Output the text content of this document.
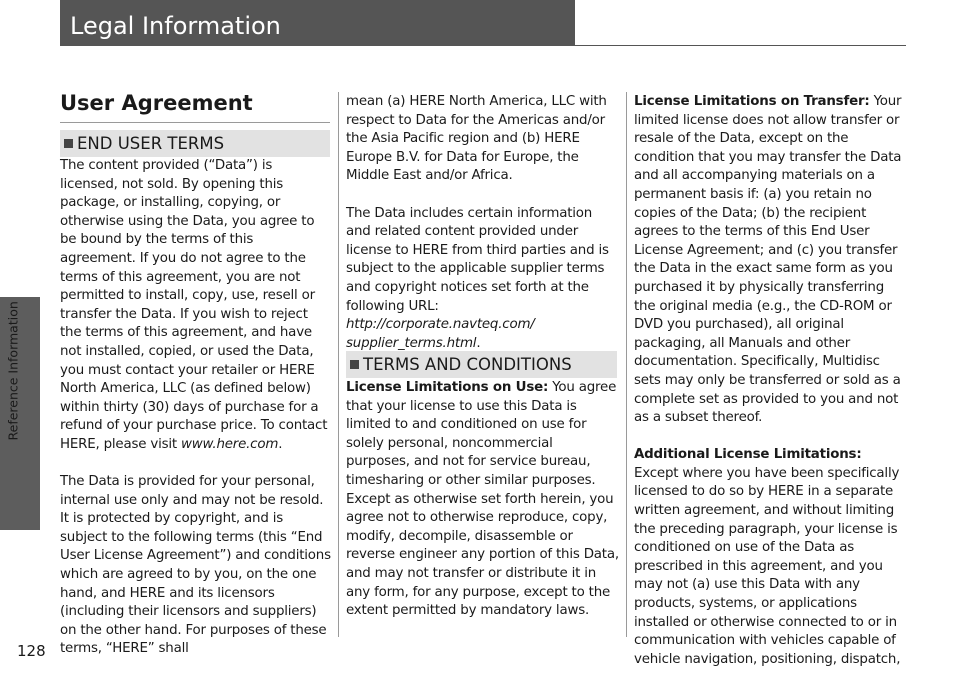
Reference Information
128
Legal Information
User Agreement
END USER TERMS

The content provided (“Data”) is licensed, not sold. By opening this package, or installing, copying, or otherwise using the Data, you agree to be bound by the terms of this agreement. If you do not agree to the terms of this agreement, you are not permitted to install, copy, use, resell or transfer the Data. If you wish to reject the terms of this agreement, and have not installed, copied, or used the Data, you must contact your retailer or HERE North America, LLC (as defined below) within thirty (30) days of purchase for a refund of your purchase price. To contact HERE, please visit www.here.com.

The Data is provided for your personal, internal use only and may not be resold. It is protected by copyright, and is subject to the following terms (this “End User License Agreement”) and conditions which are agreed to by you, on the one hand, and HERE and its licensors (including their licensors and suppliers) on the other hand. For purposes of these terms, “HERE” shall

mean (a) HERE North America, LLC with respect to Data for the Americas and/or the Asia Pacific region and (b) HERE Europe B.V. for Data for Europe, the Middle East and/or Africa.

The Data includes certain information and related content provided under license to HERE from third parties and is subject to the applicable supplier terms and copyright notices set forth at the following URL: http://corporate.navteq.com/ supplier_terms.html.

TERMS AND CONDITIONS

License Limitations on Use: You agree that your license to use this Data is limited to and conditioned on use for solely personal, noncommercial purposes, and not for service bureau, timesharing or other similar purposes. Except as otherwise set forth herein, you agree not to otherwise reproduce, copy, modify, decompile, disassemble or reverse engineer any portion of this Data, and may not transfer or distribute it in any form, for any purpose, except to the extent permitted by mandatory laws.

License Limitations on Transfer: Your limited license does not allow transfer or resale of the Data, except on the condition that you may transfer the Data and all accompanying materials on a permanent basis if: (a) you retain no copies of the Data; (b) the recipient agrees to the terms of this End User License Agreement; and (c) you transfer the Data in the exact same form as you purchased it by physically transferring the original media (e.g., the CD-ROM or DVD you purchased), all original packaging, all Manuals and other documentation. Specifically, Multidisc sets may only be transferred or sold as a complete set as provided to you and not as a subset thereof.

Additional License Limitations: Except where you have been specifically licensed to do so by HERE in a separate written agreement, and without limiting the preceding paragraph, your license is conditioned on use of the Data as prescribed in this agreement, and you may not (a) use this Data with any products, systems, or applications installed or otherwise connected to or in communication with vehicles capable of vehicle navigation, positioning, dispatch,
